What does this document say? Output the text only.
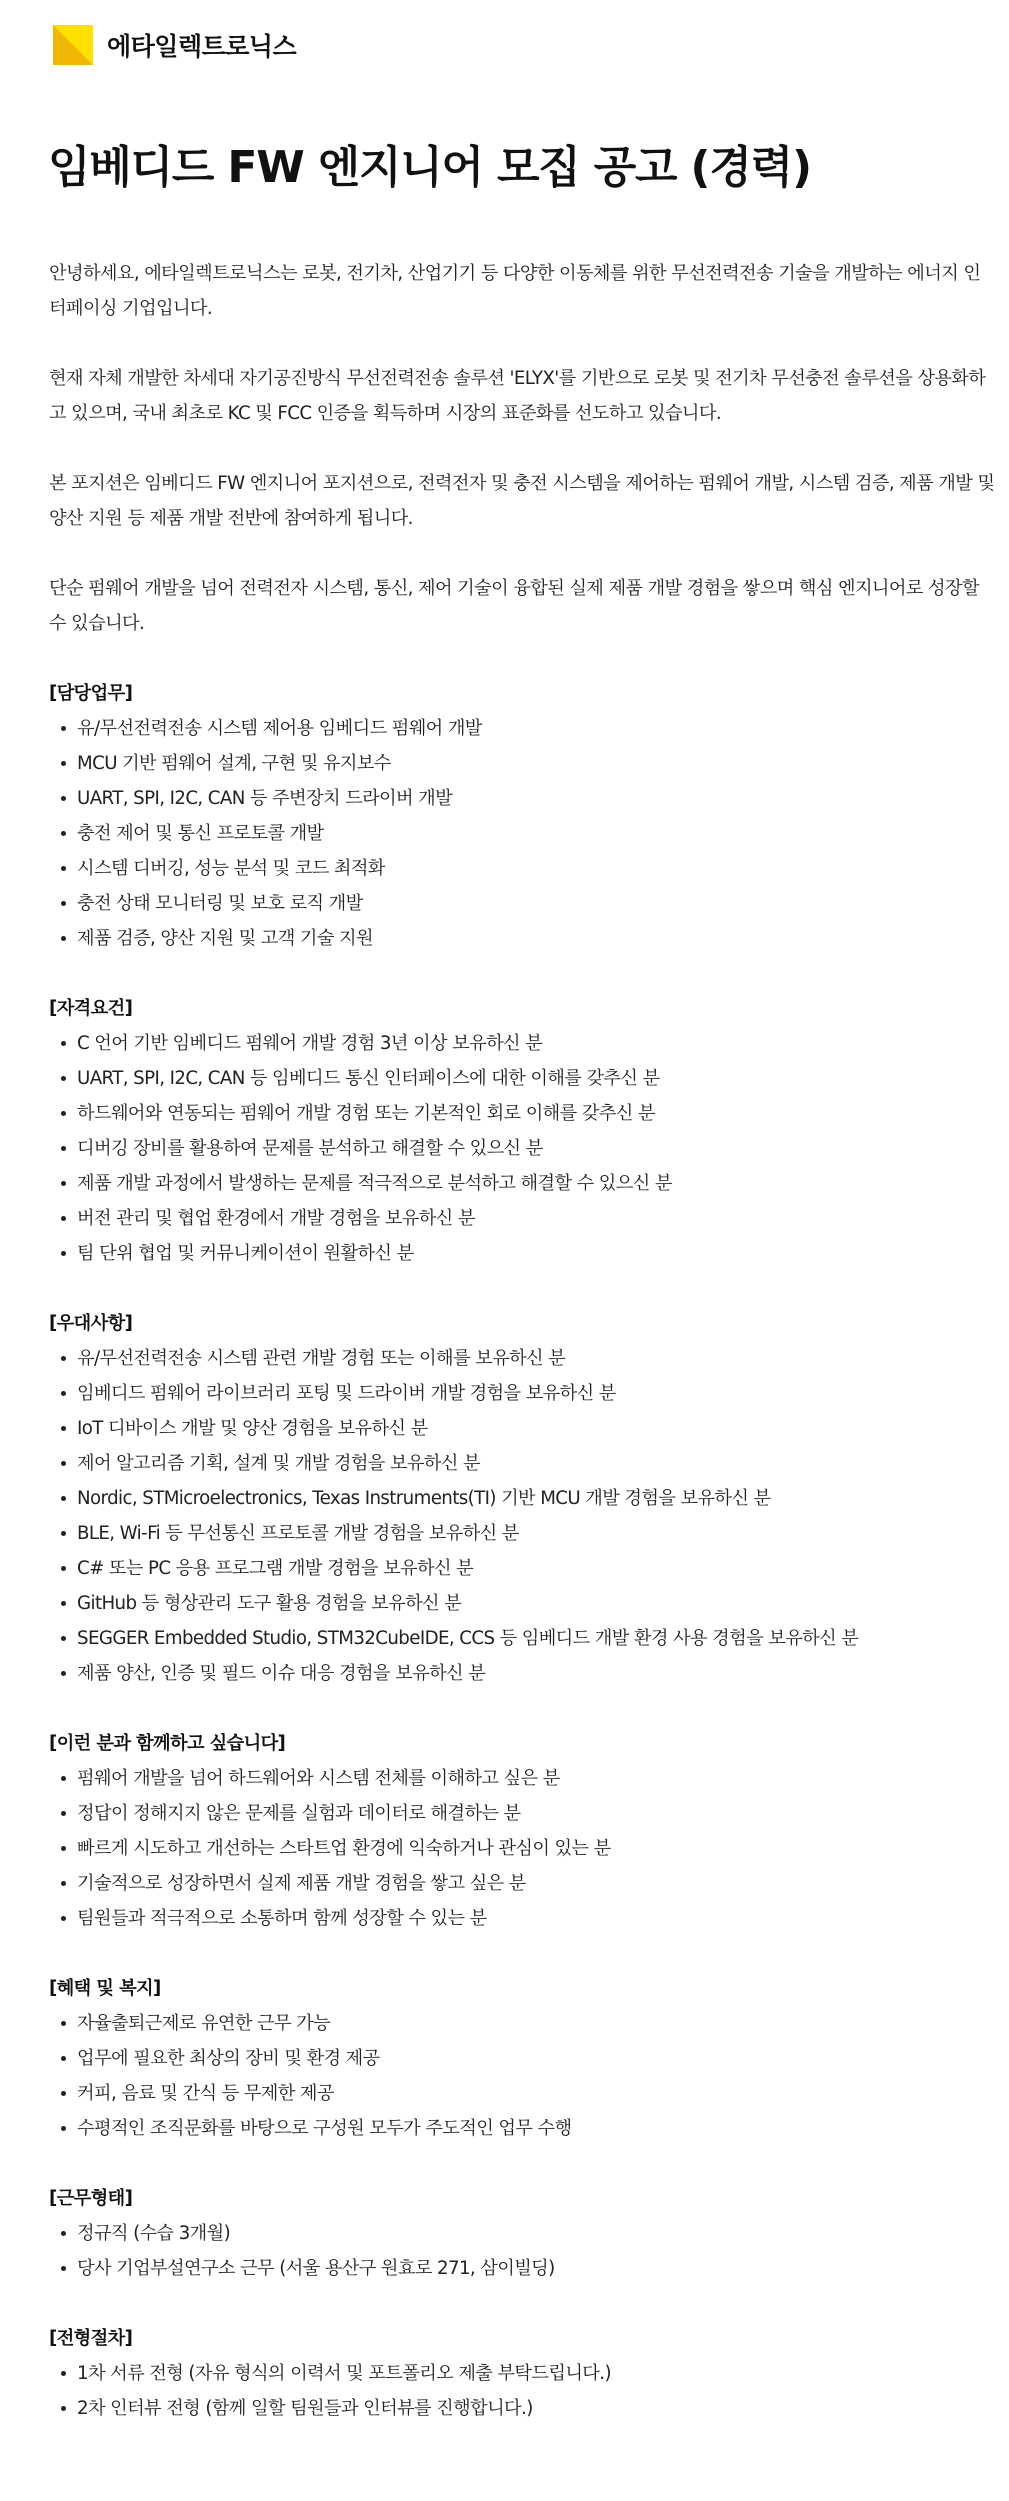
에타일렉트로닉스
임베디드 FW 엔지니어 모집 공고 (경력)

안녕하세요, 에타일렉트로닉스는 로봇, 전기차, 산업기기 등 다양한 이동체를 위한 무선전력전송 기술을 개발하는 에너지 인터페이싱 기업입니다.

현재 자체 개발한 차세대 자기공진방식 무선전력전송 솔루션 'ELYX'를 기반으로 로봇 및 전기차 무선충전 솔루션을 상용화하고 있으며, 국내 최초로 KC 및 FCC 인증을 획득하며 시장의 표준화를 선도하고 있습니다.

본 포지션은 임베디드 FW 엔지니어 포지션으로, 전력전자 및 충전 시스템을 제어하는 펌웨어 개발, 시스템 검증, 제품 개발 및 양산 지원 등 제품 개발 전반에 참여하게 됩니다.

단순 펌웨어 개발을 넘어 전력전자 시스템, 통신, 제어 기술이 융합된 실제 제품 개발 경험을 쌓으며 핵심 엔지니어로 성장할 수 있습니다.

[담당업무]
유/무선전력전송 시스템 제어용 임베디드 펌웨어 개발
MCU 기반 펌웨어 설계, 구현 및 유지보수
UART, SPI, I2C, CAN 등 주변장치 드라이버 개발
충전 제어 및 통신 프로토콜 개발
시스템 디버깅, 성능 분석 및 코드 최적화
충전 상태 모니터링 및 보호 로직 개발
제품 검증, 양산 지원 및 고객 기술 지원
[자격요건]
C 언어 기반 임베디드 펌웨어 개발 경험 3년 이상 보유하신 분
UART, SPI, I2C, CAN 등 임베디드 통신 인터페이스에 대한 이해를 갖추신 분
하드웨어와 연동되는 펌웨어 개발 경험 또는 기본적인 회로 이해를 갖추신 분
디버깅 장비를 활용하여 문제를 분석하고 해결할 수 있으신 분
제품 개발 과정에서 발생하는 문제를 적극적으로 분석하고 해결할 수 있으신 분
버전 관리 및 협업 환경에서 개발 경험을 보유하신 분
팀 단위 협업 및 커뮤니케이션이 원활하신 분
[우대사항]
유/무선전력전송 시스템 관련 개발 경험 또는 이해를 보유하신 분
임베디드 펌웨어 라이브러리 포팅 및 드라이버 개발 경험을 보유하신 분
IoT 디바이스 개발 및 양산 경험을 보유하신 분
제어 알고리즘 기획, 설계 및 개발 경험을 보유하신 분
Nordic, STMicroelectronics, Texas Instruments(TI) 기반 MCU 개발 경험을 보유하신 분
BLE, Wi-Fi 등 무선통신 프로토콜 개발 경험을 보유하신 분
C# 또는 PC 응용 프로그램 개발 경험을 보유하신 분
GitHub 등 형상관리 도구 활용 경험을 보유하신 분
SEGGER Embedded Studio, STM32CubeIDE, CCS 등 임베디드 개발 환경 사용 경험을 보유하신 분
제품 양산, 인증 및 필드 이슈 대응 경험을 보유하신 분
[이런 분과 함께하고 싶습니다]
펌웨어 개발을 넘어 하드웨어와 시스템 전체를 이해하고 싶은 분
정답이 정해지지 않은 문제를 실험과 데이터로 해결하는 분
빠르게 시도하고 개선하는 스타트업 환경에 익숙하거나 관심이 있는 분
기술적으로 성장하면서 실제 제품 개발 경험을 쌓고 싶은 분
팀원들과 적극적으로 소통하며 함께 성장할 수 있는 분
[혜택 및 복지]
자율출퇴근제로 유연한 근무 가능
업무에 필요한 최상의 장비 및 환경 제공
커피, 음료 및 간식 등 무제한 제공
수평적인 조직문화를 바탕으로 구성원 모두가 주도적인 업무 수행
[근무형태]
정규직 (수습 3개월)
당사 기업부설연구소 근무 (서울 용산구 원효로 271, 삼이빌딩)
[전형절차]
1차 서류 전형 (자유 형식의 이력서 및 포트폴리오 제출 부탁드립니다.)
2차 인터뷰 전형 (함께 일할 팀원들과 인터뷰를 진행합니다.)
